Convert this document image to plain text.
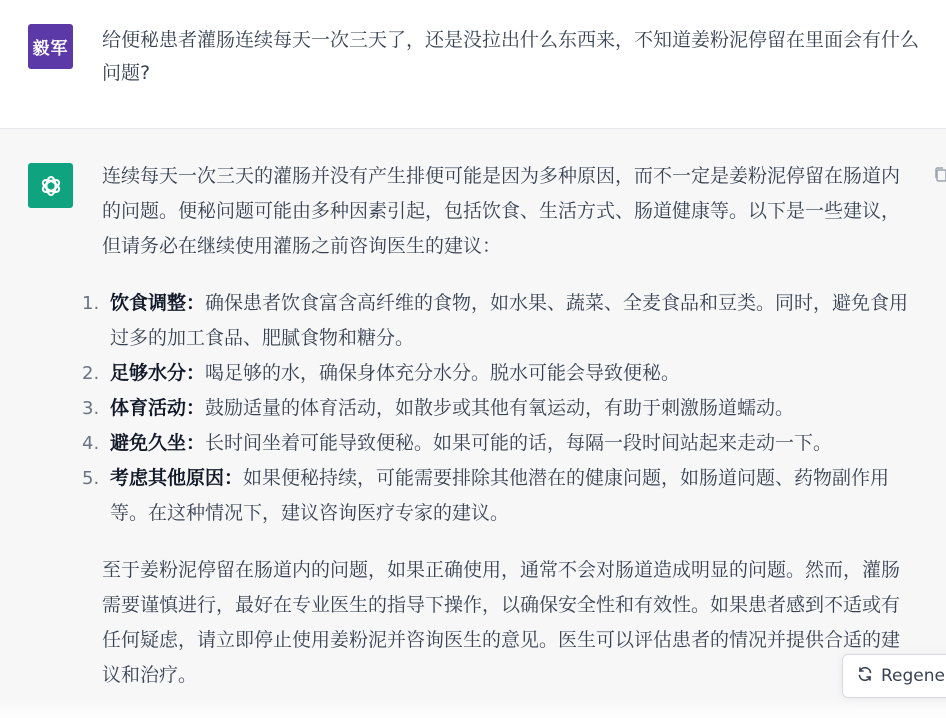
毅军 给便秘患者灌肠连续每天一次三天了，还是没拉出什么东西来，不知道姜粉泥停留在里面会有什么问题?

连续每天一次三天的灌肠并没有产生排便可能是因为多种原因，而不一定是姜粉泥停留在肠道内的问题。便秘问题可能由多种因素引起，包括饮食、生活方式、肠道健康等。以下是一些建议，但请务必在继续使用灌肠之前咨询医生的建议：

1. 饮食调整：确保患者饮食富含高纤维的食物，如水果、蔬菜、全麦食品和豆类。同时，避免食用过多的加工食品、肥腻食物和糖分。
2. 足够水分：喝足够的水，确保身体充分水分。脱水可能会导致便秘。
3. 体育活动：鼓励适量的体育活动，如散步或其他有氧运动，有助于刺激肠道蠕动。
4. 避免久坐：长时间坐着可能导致便秘。如果可能的话，每隔一段时间站起来走动一下。
5. 考虑其他原因：如果便秘持续，可能需要排除其他潜在的健康问题，如肠道问题、药物副作用等。在这种情况下，建议咨询医疗专家的建议。

至于姜粉泥停留在肠道内的问题，如果正确使用，通常不会对肠道造成明显的问题。然而，灌肠需要谨慎进行，最好在专业医生的指导下操作，以确保安全性和有效性。如果患者感到不适或有任何疑虑，请立即停止使用姜粉泥并咨询医生的意见。医生可以评估患者的情况并提供合适的建议和治疗。	Regene
